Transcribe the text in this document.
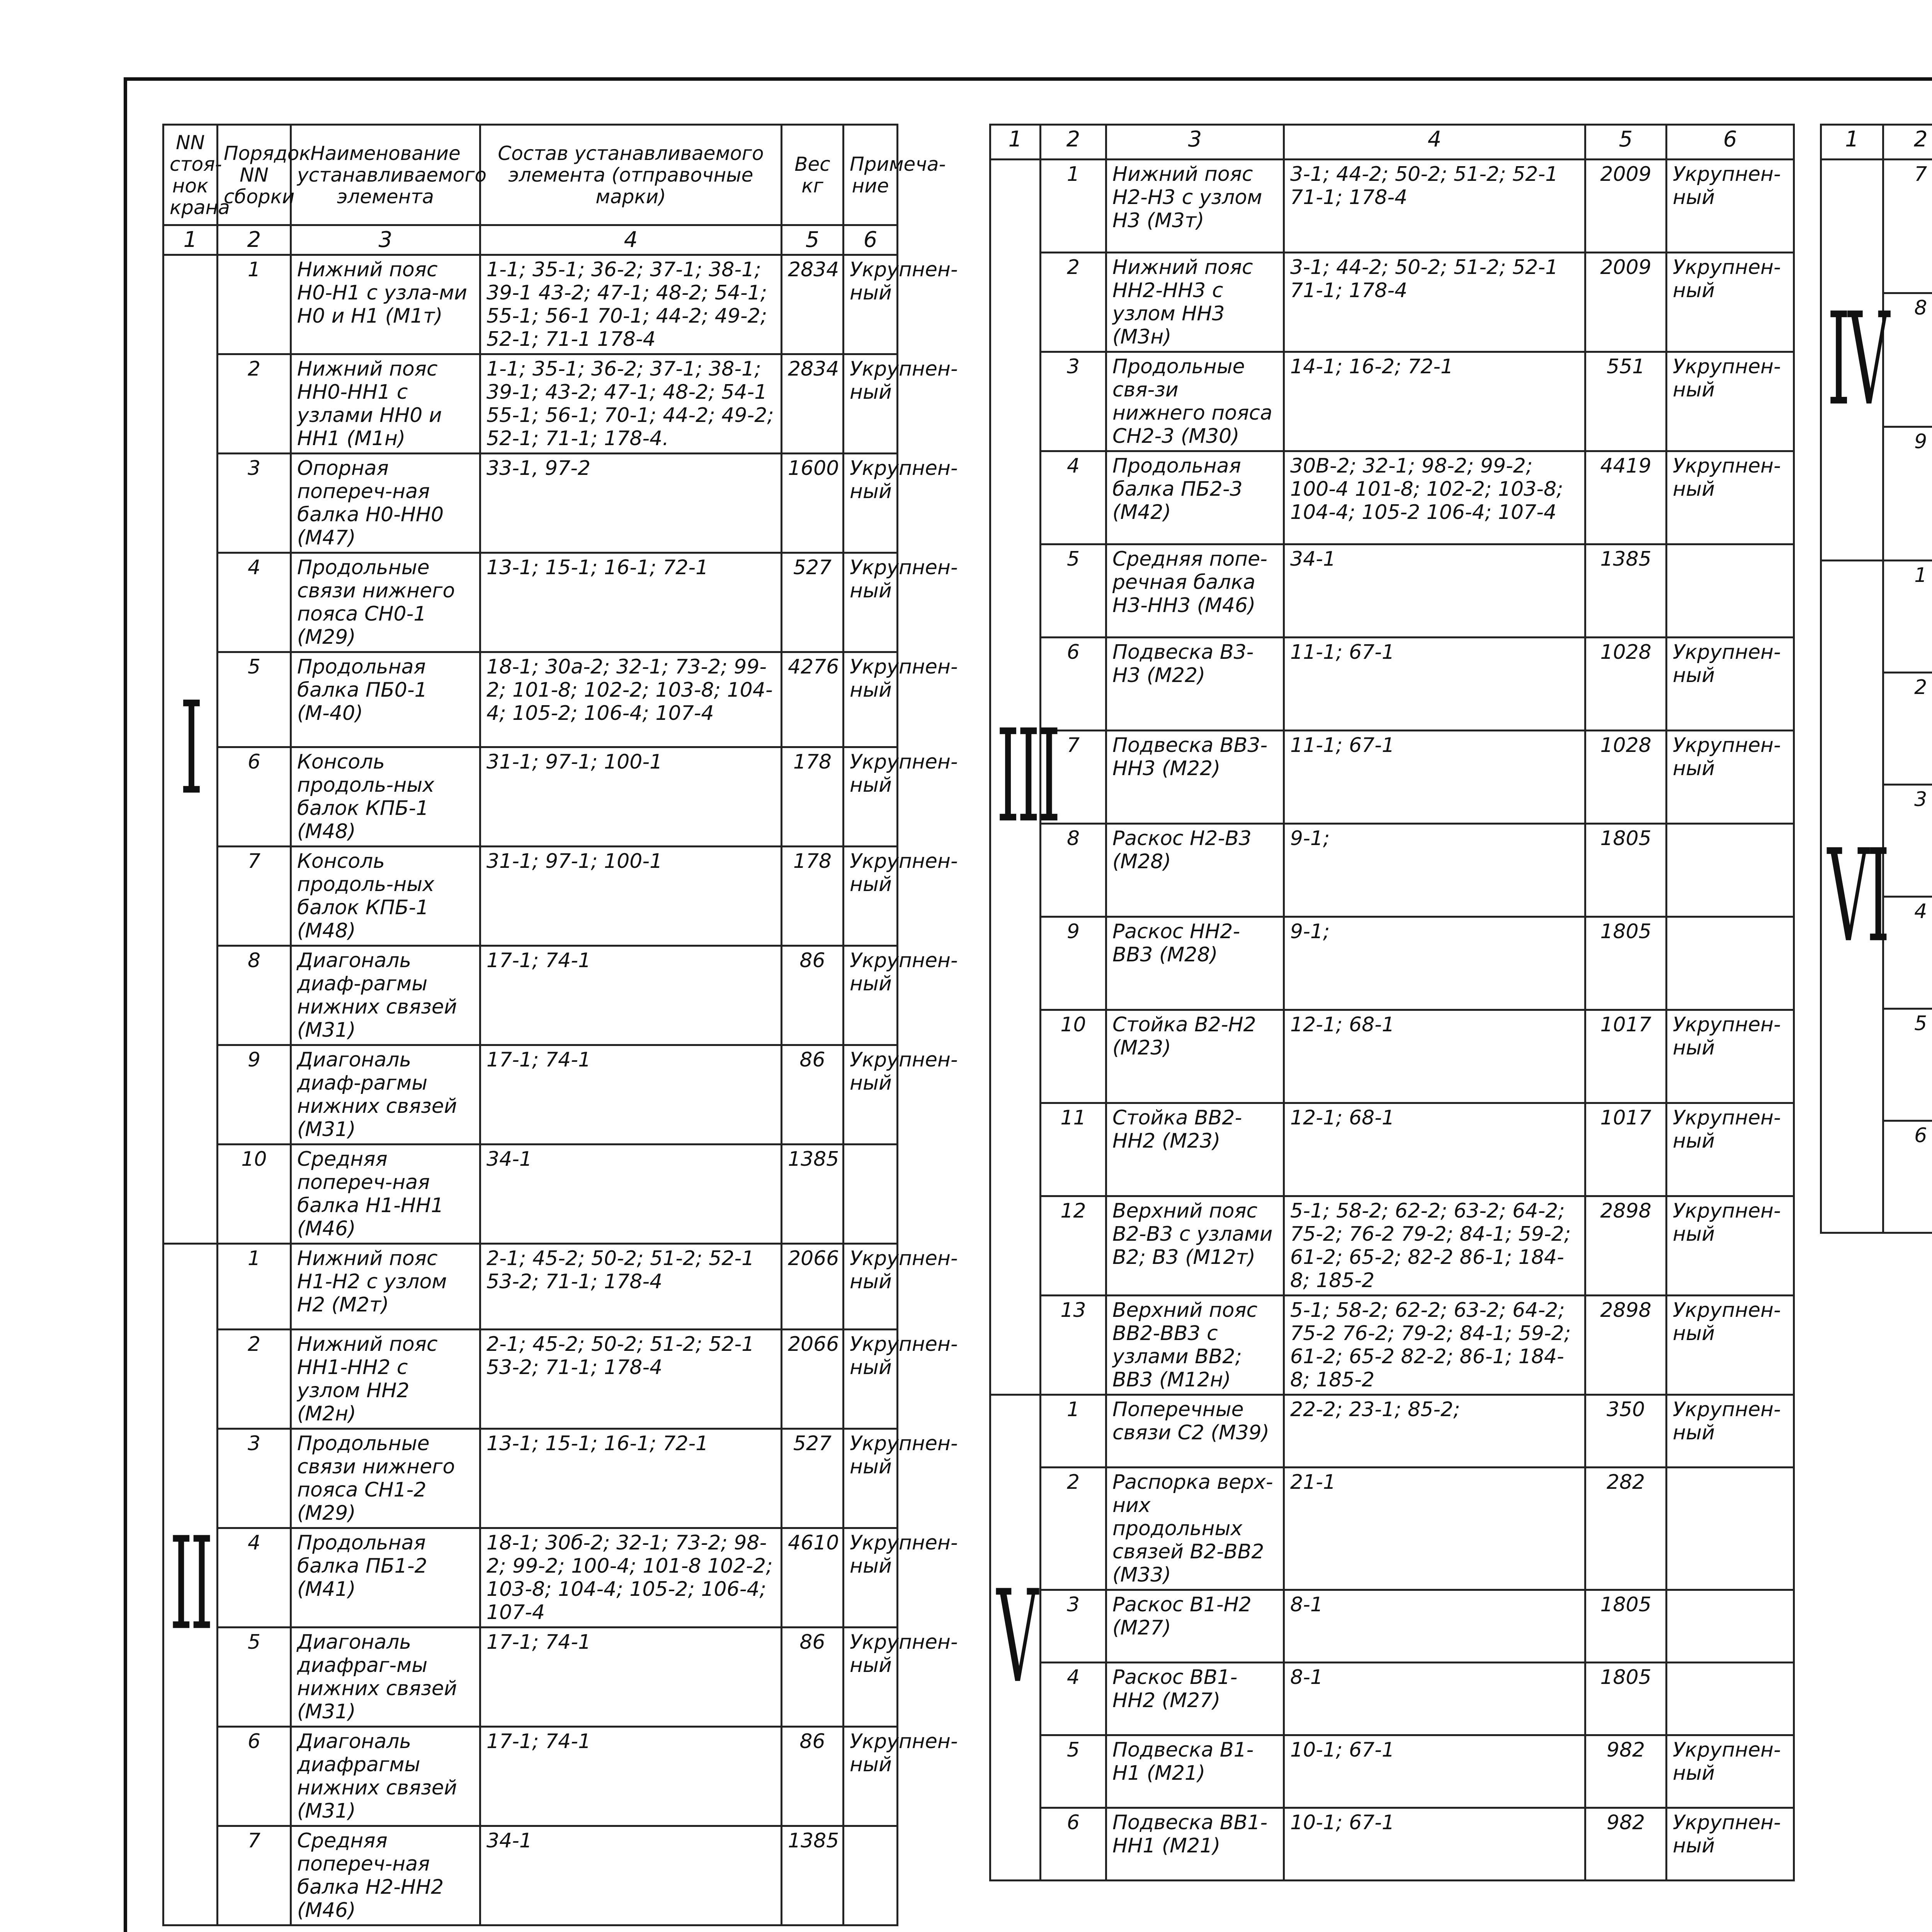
NN стоя-нок крана	Порядок NN сборки	Наименование устанавливаемого элемента	Состав устанавливаемого элемента (отправочные марки)	Вес кг	Примеча-ние
1	2	3	4	5	6
I	1	Нижний пояс Н0-Н1 с узла-ми Н0 и Н1 (М1т)	1-1; 35-1; 36-2; 37-1; 38-1; 39-1 43-2; 47-1; 48-2; 54-1; 55-1; 56-1 70-1; 44-2; 49-2; 52-1; 71-1 178-4	2834	Укрупнен-ный
	2	Нижний пояс НН0-НН1 с узлами НН0 и НН1 (М1н)	1-1; 35-1; 36-2; 37-1; 38-1; 39-1; 43-2; 47-1; 48-2; 54-1 55-1; 56-1; 70-1; 44-2; 49-2; 52-1; 71-1; 178-4.	2834	Укрупнен-ный
	3	Опорная попереч-ная балка Н0-НН0 (М47)	33-1, 97-2	1600	Укрупнен-ный
	4	Продольные связи нижнего пояса СН0-1 (М29)	13-1; 15-1; 16-1; 72-1	527	Укрупнен-ный
	5	Продольная балка ПБ0-1 (М-40)	18-1; 30а-2; 32-1; 73-2; 99-2; 101-8; 102-2; 103-8; 104-4; 105-2; 106-4; 107-4	4276	Укрупнен-ный
	6	Консоль продоль-ных балок КПБ-1 (М48)	31-1; 97-1; 100-1	178	Укрупнен-ный
	7	Консоль продоль-ных балок КПБ-1 (М48)	31-1; 97-1; 100-1	178	Укрупнен-ный
	8	Диагональ диаф-рагмы нижних связей (М31)	17-1; 74-1	86	Укрупнен-ный
	9	Диагональ диаф-рагмы нижних связей (М31)	17-1; 74-1	86	Укрупнен-ный
	10	Средняя попереч-ная балка Н1-НН1 (М46)	34-1	1385	
II	1	Нижний пояс Н1-Н2 с узлом Н2 (М2т)	2-1; 45-2; 50-2; 51-2; 52-1 53-2; 71-1; 178-4	2066	Укрупнен-ный
	2	Нижний пояс НН1-НН2 с узлом НН2 (М2н)	2-1; 45-2; 50-2; 51-2; 52-1 53-2; 71-1; 178-4	2066	Укрупнен-ный
	3	Продольные связи нижнего пояса СН1-2 (М29)	13-1; 15-1; 16-1; 72-1	527	Укрупнен-ный
	4	Продольная балка ПБ1-2 (М41)	18-1; 30б-2; 32-1; 73-2; 98-2; 99-2; 100-4; 101-8 102-2; 103-8; 104-4; 105-2; 106-4; 107-4	4610	Укрупнен-ный
	5	Диагональ диафраг-мы нижних связей (М31)	17-1; 74-1	86	Укрупнен-ный
	6	Диагональ диафрагмы нижних связей (М31)	17-1; 74-1	86	Укрупнен-ный
	7	Средняя попереч-ная балка Н2-НН2 (М46)	34-1	1385	
1	2	3	4	5	6
III	1	Нижний пояс Н2-Н3 с узлом Н3 (М3т)	3-1; 44-2; 50-2; 51-2; 52-1 71-1; 178-4	2009	Укрупнен-ный
	2	Нижний пояс НН2-НН3 с узлом НН3 (М3н)	3-1; 44-2; 50-2; 51-2; 52-1 71-1; 178-4	2009	Укрупнен-ный
	3	Продольные свя-зи нижнего пояса СН2-3 (М30)	14-1; 16-2; 72-1	551	Укрупнен-ный
	4	Продольная балка ПБ2-3 (М42)	30В-2; 32-1; 98-2; 99-2; 100-4 101-8; 102-2; 103-8; 104-4; 105-2 106-4; 107-4	4419	Укрупнен-ный
	5	Средняя попе-речная балка Н3-НН3 (М46)	34-1	1385	
	6	Подвеска В3-Н3 (М22)	11-1; 67-1	1028	Укрупнен-ный
	7	Подвеска ВВ3-НН3 (М22)	11-1; 67-1	1028	Укрупнен-ный
	8	Раскос Н2-В3 (М28)	9-1;	1805	
	9	Раскос НН2-ВВ3 (М28)	9-1;	1805	
	10	Стойка В2-Н2 (М23)	12-1; 68-1	1017	Укрупнен-ный
	11	Стойка ВВ2-НН2 (М23)	12-1; 68-1	1017	Укрупнен-ный
	12	Верхний пояс В2-В3 с узлами В2; В3 (М12т)	5-1; 58-2; 62-2; 63-2; 64-2; 75-2; 76-2 79-2; 84-1; 59-2; 61-2; 65-2; 82-2 86-1; 184-8; 185-2	2898	Укрупнен-ный
	13	Верхний пояс ВВ2-ВВ3 с узлами ВВ2; ВВ3 (М12н)	5-1; 58-2; 62-2; 63-2; 64-2; 75-2 76-2; 79-2; 84-1; 59-2; 61-2; 65-2 82-2; 86-1; 184-8; 185-2	2898	Укрупнен-ный
V	1	Поперечные связи С2 (М39)	22-2; 23-1; 85-2;	350	Укрупнен-ный
	2	Распорка верх-них продольных связей В2-ВВ2 (М33)	21-1	282	
	3	Раскос В1-Н2 (М27)	8-1	1805	
	4	Раскос ВВ1-НН2 (М27)	8-1	1805	
	5	Подвеска В1-Н1 (М21)	10-1; 67-1	982	Укрупнен-ный
	6	Подвеска ВВ1-НН1 (М21)	10-1; 67-1	982	Укрупнен-ный
1	2				
IV	7				
	8				
	9				
VI	1				
	2				
	3				
	4				
	5				
	6				
